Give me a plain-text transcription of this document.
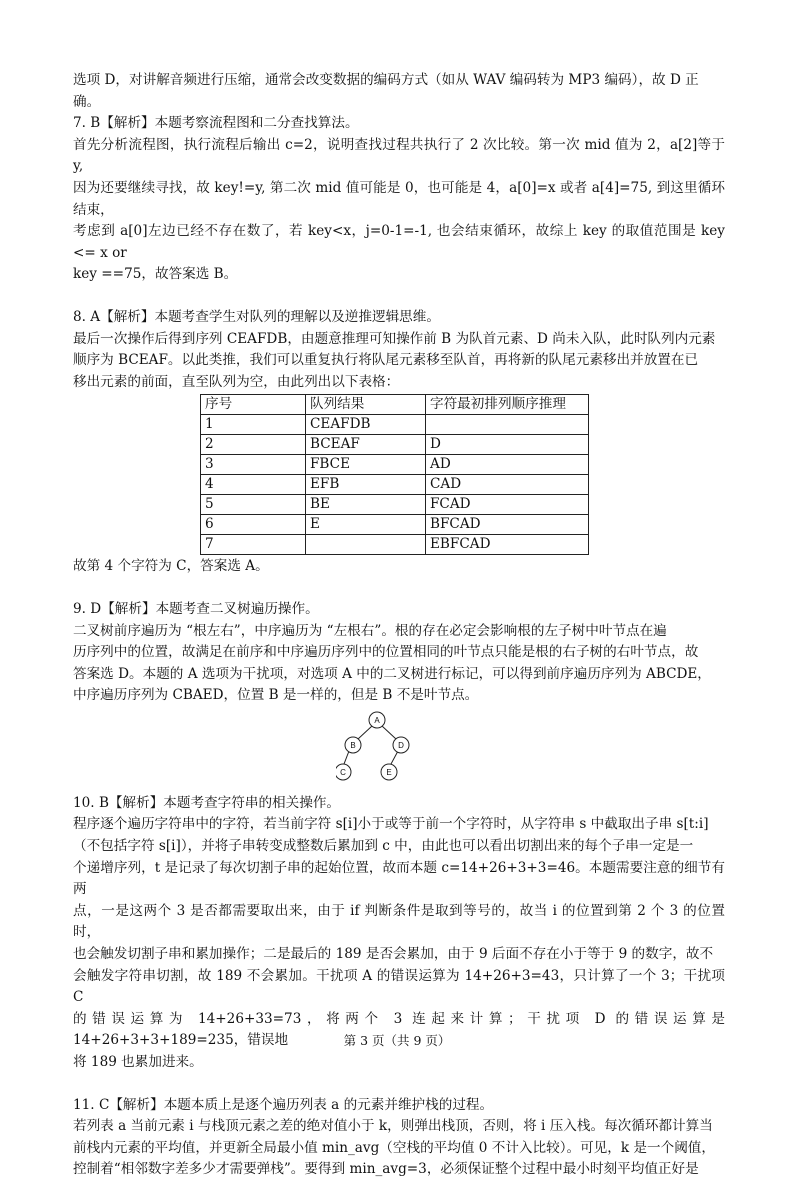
选项 D，对讲解音频进行压缩，通常会改变数据的编码方式（如从 WAV 编码转为 MP3 编码），故 D 正

确。

7. B【解析】本题考察流程图和二分查找算法。

首先分析流程图，执行流程后输出 c=2，说明查找过程共执行了 2 次比较。第一次 mid 值为 2，a[2]等于 y,

因为还要继续寻找，故 key!=y, 第二次 mid 值可能是 0，也可能是 4，a[0]=x 或者 a[4]=75, 到这里循环结束，

考虑到 a[0]左边已经不存在数了，若 key<x，j=0-1=-1, 也会结束循环，故综上 key 的取值范围是 key <= x or

key ==75，故答案选 B。

8. A【解析】本题考查学生对队列的理解以及逆推逻辑思维。

最后一次操作后得到序列 CEAFDB，由题意推理可知操作前 B 为队首元素、D 尚未入队，此时队列内元素

顺序为 BCEAF。以此类推，我们可以重复执行将队尾元素移至队首，再将新的队尾元素移出并放置在已

移出元素的前面，直至队列为空，由此列出以下表格：

序号	队列结果	字符最初排列顺序推理
1	CEAFDB	
2	BCEAF	D
3	FBCE	AD
4	EFB	CAD
5	BE	FCAD
6	E	BFCAD
7		EBFCAD

故第 4 个字符为 C，答案选 A。

9. D【解析】本题考查二叉树遍历操作。

二叉树前序遍历为 “根左右”，中序遍历为 “左根右”。根的存在必定会影响根的左子树中叶节点在遍

历序列中的位置，故满足在前序和中序遍历序列中的位置相同的叶节点只能是根的右子树的右叶节点，故

答案选 D。本题的 A 选项为干扰项，对选项 A 中的二叉树进行标记，可以得到前序遍历序列为 ABCDE，

中序遍历序列为 CBAED，位置 B 是一样的，但是 B 不是叶节点。

A
B	D
C	E

10. B【解析】本题考查字符串的相关操作。

程序逐个遍历字符串中的字符，若当前字符 s[i]小于或等于前一个字符时，从字符串 s 中截取出子串 s[t:i]

（不包括字符 s[i]），并将子串转变成整数后累加到 c 中，由此也可以看出切割出来的每个子串一定是一

个递增序列，t 是记录了每次切割子串的起始位置，故而本题 c=14+26+3+3=46。本题需要注意的细节有两

点，一是这两个 3 是否都需要取出来，由于 if 判断条件是取到等号的，故当 i 的位置到第 2 个 3 的位置时，

也会触发切割子串和累加操作；二是最后的 189 是否会累加，由于 9 后面不存在小于等于 9 的数字，故不

会触发字符串切割，故 189 不会累加。干扰项 A 的错误运算为 14+26+3=43，只计算了一个 3；干扰项 C

的错误运算为 14+26+33=73，将两个 3 连起来计算；干扰项 D 的错误运算是 14+26+3+3+189=235，错误地

将 189 也累加进来。

11. C【解析】本题本质上是逐个遍历列表 a 的元素并维护栈的过程。

若列表 a 当前元素 i 与栈顶元素之差的绝对值小于 k，则弹出栈顶，否则，将 i 压入栈。每次循环都计算当

前栈内元素的平均值，并更新全局最小值 min_avg（空栈的平均值 0 不计入比较）。可见，k 是一个阈值，

控制着“相邻数字差多少才需要弹栈”。要得到 min_avg=3，必须保证整个过程中最小时刻平均值正好是

第 3 页（共 9 页）
